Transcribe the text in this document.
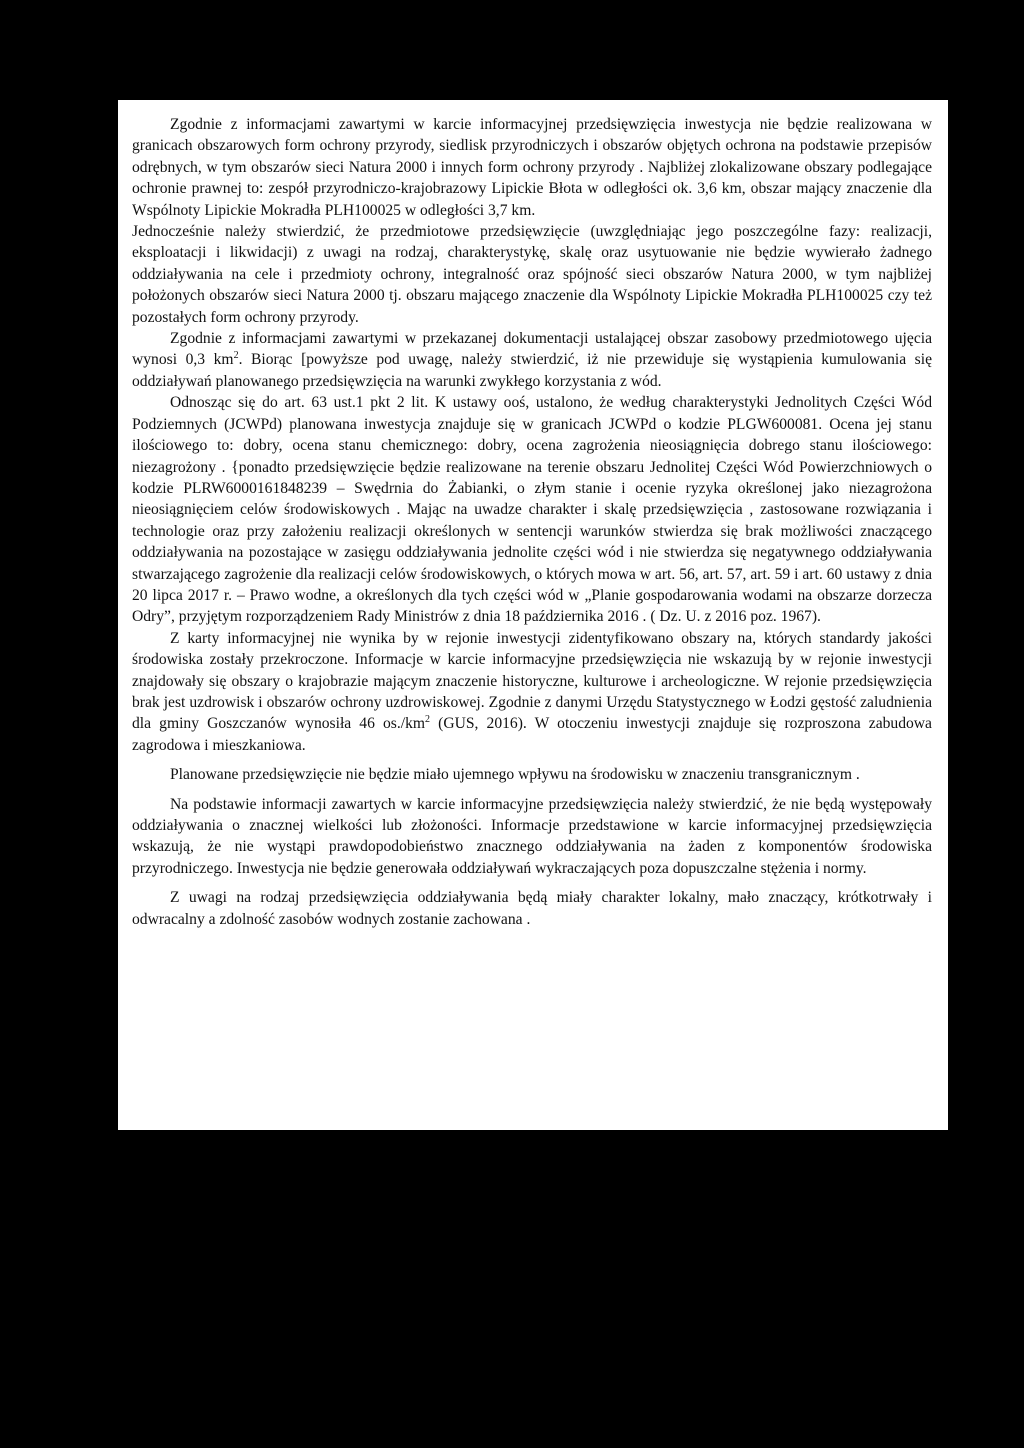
Zgodnie z informacjami zawartymi w karcie informacyjnej przedsięwzięcia inwestycja nie będzie realizowana w granicach obszarowych form ochrony przyrody, siedlisk przyrodniczych i obszarów objętych ochrona na podstawie przepisów odrębnych, w tym obszarów sieci Natura 2000 i innych form ochrony przyrody . Najbliżej zlokalizowane obszary podlegające ochronie prawnej to: zespół przyrodniczo-krajobrazowy Lipickie Błota w odległości ok. 3,6 km, obszar mający znaczenie dla Wspólnoty Lipickie Mokradła PLH100025 w odległości 3,7 km.

Jednocześnie należy stwierdzić, że przedmiotowe przedsięwzięcie (uwzględniając jego poszczególne fazy: realizacji, eksploatacji i likwidacji) z uwagi na rodzaj, charakterystykę, skalę oraz usytuowanie nie będzie wywierało żadnego oddziaływania na cele i przedmioty ochrony, integralność oraz spójność sieci obszarów Natura 2000, w tym najbliżej położonych obszarów sieci Natura 2000 tj. obszaru mającego znaczenie dla Wspólnoty Lipickie Mokradła PLH100025 czy też pozostałych form ochrony przyrody.

Zgodnie z informacjami zawartymi w przekazanej dokumentacji ustalającej obszar zasobowy przedmiotowego ujęcia wynosi 0,3 $km^2$. Biorąc [powyższe pod uwagę, należy stwierdzić, iż nie przewiduje się wystąpienia kumulowania się oddziaływań planowanego przedsięwzięcia na warunki zwykłego korzystania z wód.

Odnosząc się do art. 63 ust.1 pkt 2 lit. K ustawy ooś, ustalono, że według charakterystyki Jednolitych Części Wód Podziemnych (JCWPd) planowana inwestycja znajduje się w granicach JCWPd o kodzie PLGW600081. Ocena jej stanu ilościowego to: dobry, ocena stanu chemicznego: dobry, ocena zagrożenia nieosiągnięcia dobrego stanu ilościowego: niezagrożony . {ponadto przedsięwzięcie będzie realizowane na terenie obszaru Jednolitej Części Wód Powierzchniowych o kodzie PLRW6000161848239 – Swędrnia do Żabianki, o złym stanie i ocenie ryzyka określonej jako niezagrożona nieosiągnięciem celów środowiskowych . Mając na uwadze charakter i skalę przedsięwzięcia , zastosowane rozwiązania i technologie oraz przy założeniu realizacji określonych w sentencji warunków stwierdza się brak możliwości znaczącego oddziaływania na pozostające w zasięgu oddziaływania jednolite części wód i nie stwierdza się negatywnego oddziaływania stwarzającego zagrożenie dla realizacji celów środowiskowych, o których mowa w art. 56, art. 57, art. 59 i art. 60 ustawy z dnia 20 lipca 2017 r. – Prawo wodne, a określonych dla tych części wód w „Planie gospodarowania wodami na obszarze dorzecza Odry”, przyjętym rozporządzeniem Rady Ministrów z dnia 18 października 2016 . ( Dz. U. z 2016 poz. 1967).

Z karty informacyjnej nie wynika by w rejonie inwestycji zidentyfikowano obszary na, których standardy jakości środowiska zostały przekroczone. Informacje w karcie informacyjne przedsięwzięcia nie wskazują by w rejonie inwestycji znajdowały się obszary o krajobrazie mającym znaczenie historyczne, kulturowe i archeologiczne. W rejonie przedsięwzięcia brak jest uzdrowisk i obszarów ochrony uzdrowiskowej. Zgodnie z danymi Urzędu Statystycznego w Łodzi gęstość zaludnienia dla gminy Goszczanów wynosiła 46 $os./km^2$ (GUS, 2016). W otoczeniu inwestycji znajduje się rozproszona zabudowa zagrodowa i mieszkaniowa.

Planowane przedsięwzięcie nie będzie miało ujemnego wpływu na środowisku w znaczeniu transgranicznym .

Na podstawie informacji zawartych w karcie informacyjne przedsięwzięcia należy stwierdzić, że nie będą występowały oddziaływania o znacznej wielkości lub złożoności. Informacje przedstawione w karcie informacyjnej przedsięwzięcia wskazują, że nie wystąpi prawdopodobieństwo znacznego oddziaływania na żaden z komponentów środowiska przyrodniczego. Inwestycja nie będzie generowała oddziaływań wykraczających poza dopuszczalne stężenia i normy.

Z uwagi na rodzaj przedsięwzięcia oddziaływania będą miały charakter lokalny, mało znaczący, krótkotrwały i odwracalny a zdolność zasobów wodnych zostanie zachowana .
